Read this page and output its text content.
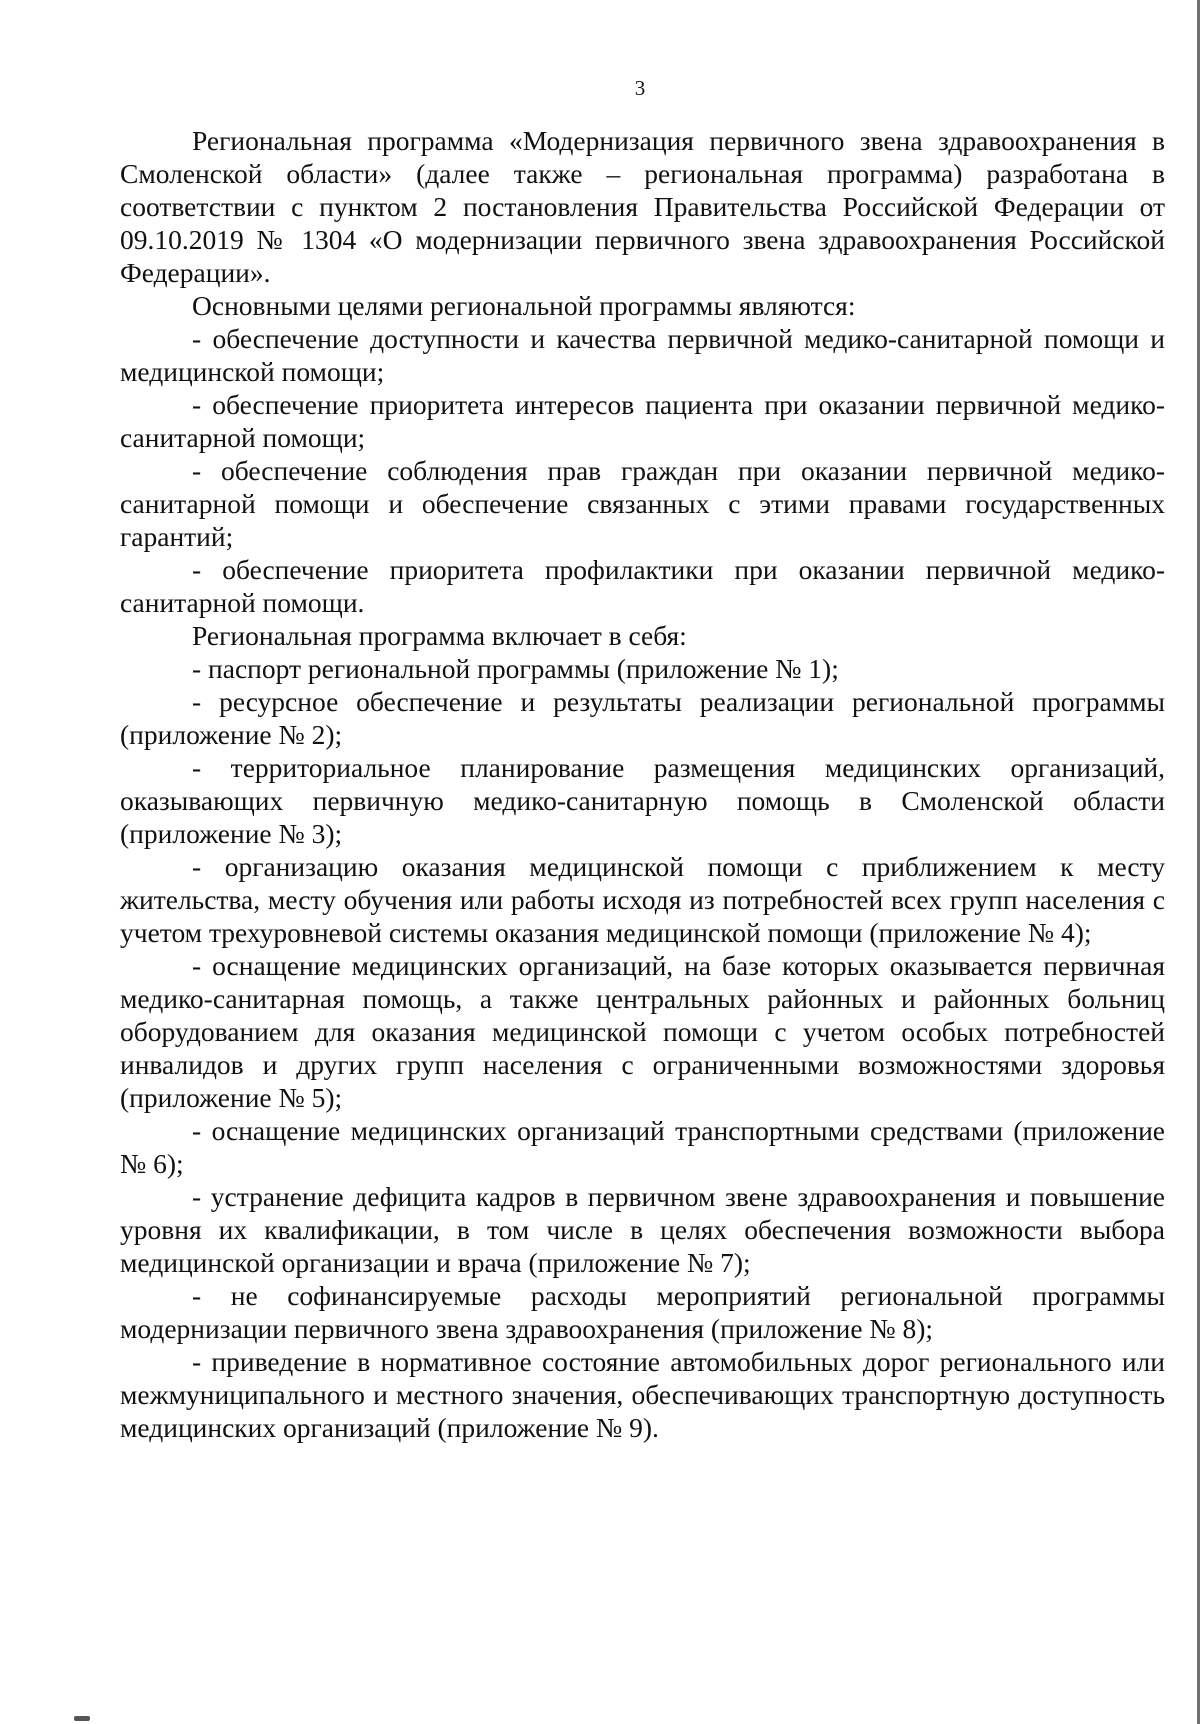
3

Региональная программа «Модернизация первичного звена здравоохранения в Смоленской области» (далее также – региональная программа) разработана в соответствии с пунктом 2 постановления Правительства Российской Федерации от 09.10.2019 № 1304 «О модернизации первичного звена здравоохранения Российской Федерации».

Основными целями региональной программы являются:

- обеспечение доступности и качества первичной медико-санитарной помощи и медицинской помощи;

- обеспечение приоритета интересов пациента при оказании первичной медико-санитарной помощи;

- обеспечение соблюдения прав граждан при оказании первичной медико-санитарной помощи и обеспечение связанных с этими правами государственных гарантий;

- обеспечение приоритета профилактики при оказании первичной медико-санитарной помощи.

Региональная программа включает в себя:

- паспорт региональной программы (приложение № 1);

- ресурсное обеспечение и результаты реализации региональной программы (приложение № 2);

- территориальное планирование размещения медицинских организаций, оказывающих первичную медико-санитарную помощь в Смоленской области (приложение № 3);

- организацию оказания медицинской помощи с приближением к месту жительства, месту обучения или работы исходя из потребностей всех групп населения с учетом трехуровневой системы оказания медицинской помощи (приложение № 4);

- оснащение медицинских организаций, на базе которых оказывается первичная медико-санитарная помощь, а также центральных районных и районных больниц оборудованием для оказания медицинской помощи с учетом особых потребностей инвалидов и других групп населения с ограниченными возможностями здоровья (приложение № 5);

- оснащение медицинских организаций транспортными средствами (приложение № 6);

- устранение дефицита кадров в первичном звене здравоохранения и повышение уровня их квалификации, в том числе в целях обеспечения возможности выбора медицинской организации и врача (приложение № 7);

- не софинансируемые расходы мероприятий региональной программы модернизации первичного звена здравоохранения (приложение № 8);

- приведение в нормативное состояние автомобильных дорог регионального или межмуниципального и местного значения, обеспечивающих транспортную доступность медицинских организаций (приложение № 9).
